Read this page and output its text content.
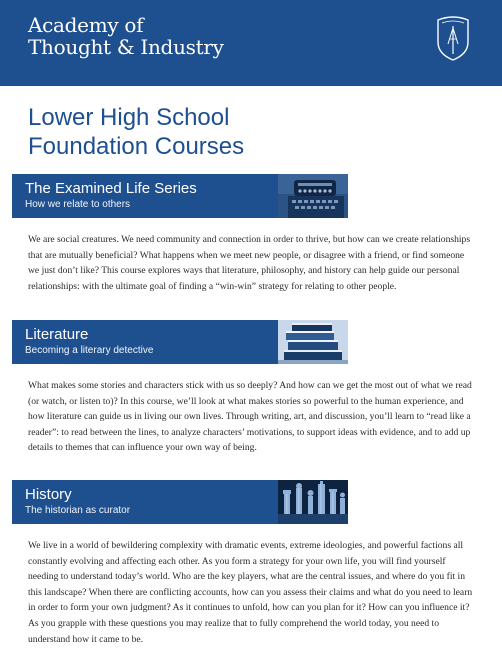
Academy of
Thought & Industry
Lower High School
Foundation Courses
The Examined Life Series
How we relate to others

We are social creatures. We need community and connection in order to thrive, but how can we create relationships that are mutually beneficial? What happens when we meet new people, or disagree with a friend, or find someone we just don’t like? This course explores ways that literature, philosophy, and history can help guide our personal relationships: with the ultimate goal of finding a “win-win” strategy for relating to other people.

Literature
Becoming a literary detective

What makes some stories and characters stick with us so deeply? And how can we get the most out of what we read (or watch, or listen to)? In this course, we’ll look at what makes stories so powerful to the human experience, and how literature can guide us in living our own lives. Through writing, art, and discussion, you’ll learn to “read like a reader”: to read between the lines, to analyze characters’ motivations, to support ideas with evidence, and to add up details to themes that can influence your own way of being.

History
The historian as curator

We live in a world of bewildering complexity with dramatic events, extreme ideologies, and powerful factions all constantly evolving and affecting each other. As you form a strategy for your own life, you will find yourself needing to understand today’s world. Who are the key players, what are the central issues, and where do you fit in this landscape? When there are conflicting accounts, how can you assess their claims and what do you need to learn in order to form your own judgment? As it continues to unfold, how can you plan for it? How can you influence it? As you grapple with these questions you may realize that to fully comprehend the world today, you need to understand how it came to be.
